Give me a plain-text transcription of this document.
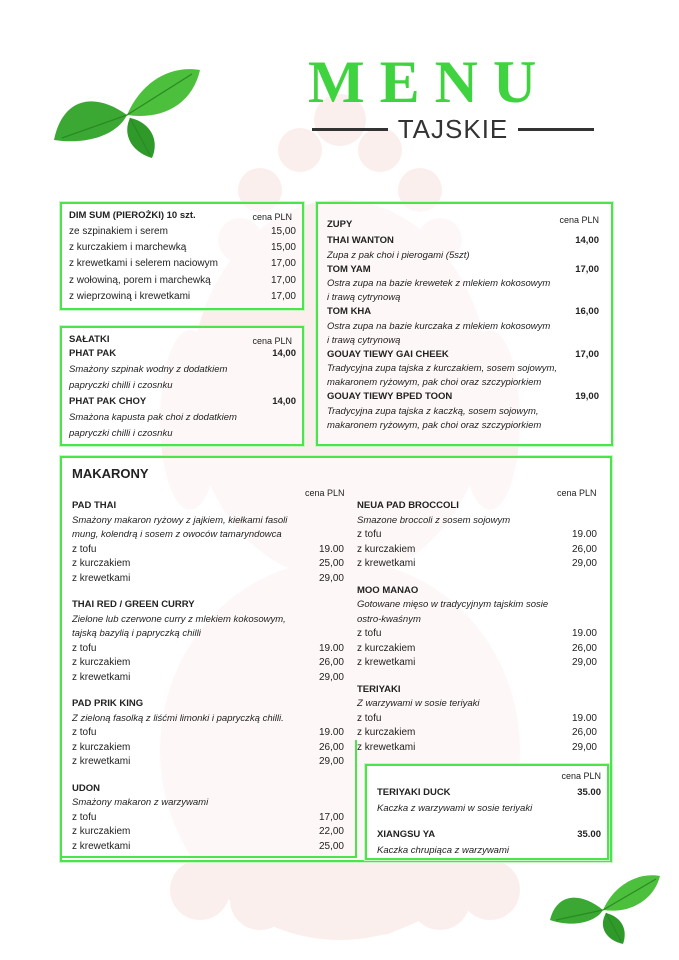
MENU
TAJSKIE
DIM SUM (PIEROŻKI) 10 szt.	cena PLN
ze szpinakiem i serem	15,00
z kurczakiem i marchewką	15,00
z krewetkami i selerem naciowym	17,00
z wołowiną, porem i marchewką	17,00
z wieprzowiną i krewetkami	17,00
SAŁATKI	cena PLN
PHAT PAK	14,00
Smażony szpinak wodny z dodatkiem
papryczki chilli i czosnku
PHAT PAK CHOY	14,00
Smażona kapusta pak choi z dodatkiem
papryczki chilli i czosnku
ZUPY	cena PLN
THAI WANTON	14,00
Zupa z pak choi i pierogami (5szt)
TOM YAM	17,00
Ostra zupa na bazie krewetek z mlekiem kokosowym
i trawą cytrynową
TOM KHA	16,00
Ostra zupa na bazie kurczaka z mlekiem kokosowym
i trawą cytrynową
GOUAY TIEWY GAI CHEEK	17,00
Tradycyjna zupa tajska z kurczakiem, sosem sojowym,
makaronem ryżowym, pak choi oraz szczypiorkiem
GOUAY TIEWY BPED TOON	19,00
Tradycyjna zupa tajska z kaczką, sosem sojowym,
makaronem ryżowym, pak choi oraz szczypiorkiem
MAKARONY
cena PLN	cena PLN
PAD THAI
Smażony makaron ryżowy z jajkiem, kiełkami fasoli
mung, kolendrą i sosem z owoców tamaryndowca
z tofu	19.00
z kurczakiem	25,00
z krewetkami	29,00
THAI RED / GREEN CURRY
Zielone lub czerwone curry z mlekiem kokosowym,
tajską bazylią i papryczką chilli
z tofu	19.00
z kurczakiem	26,00
z krewetkami	29,00
PAD PRIK KING
Z zieloną fasolką z liśćmi limonki i papryczką chilli.
z tofu	19.00
z kurczakiem	26,00
z krewetkami	29,00
UDON
Smażony makaron z warzywami
z tofu	17,00
z kurczakiem	22,00
z krewetkami	25,00
NEUA PAD BROCCOLI
Smazone broccoli z sosem sojowym
z tofu	19.00
z kurczakiem	26,00
z krewetkami	29,00
MOO MANAO
Gotowane mięso w tradycyjnym tajskim sosie
ostro-kwaśnym
z tofu	19.00
z kurczakiem	26,00
z krewetkami	29,00
TERIYAKI
Z warzywami w sosie teriyaki
z tofu	19.00
z kurczakiem	26,00
z krewetkami	29,00
cena PLN
TERIYAKI DUCK	35.00
Kaczka z warzywami w sosie teriyaki
XIANGSU YA	35.00
Kaczka chrupiąca z warzywami
